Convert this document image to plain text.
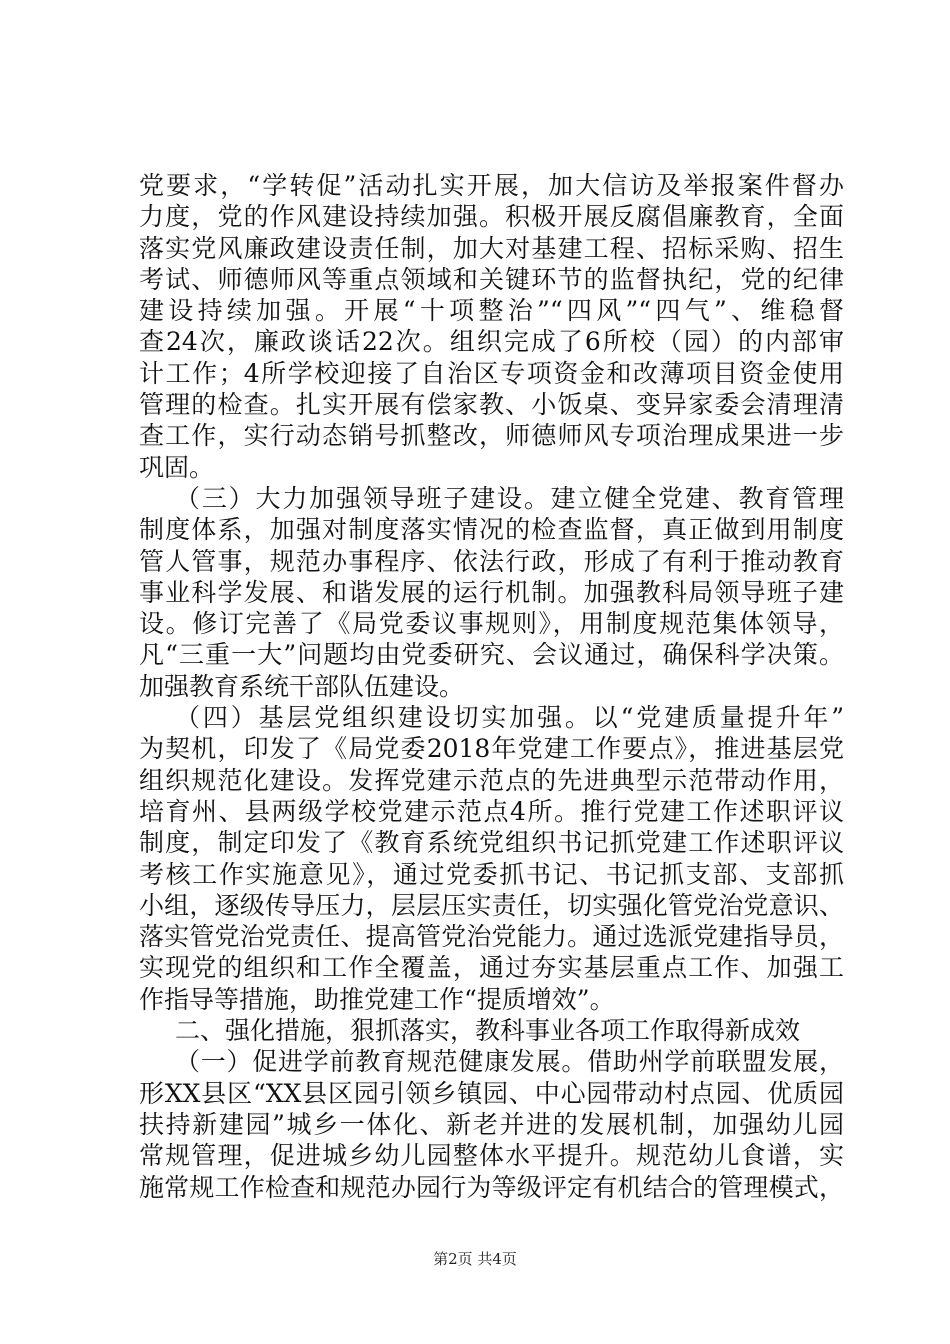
党要求，“学转促”活动扎实开展，加大信访及举报案件督办
力度，党的作风建设持续加强。积极开展反腐倡廉教育，全面
落实党风廉政建设责任制，加大对基建工程、招标采购、招生
考试、师德师风等重点领域和关键环节的监督执纪，党的纪律
建设持续加强。开展“十项整治”“四风”“四气”、维稳督
查24次，廉政谈话22次。组织完成了6所校（园）的内部审
计工作；4所学校迎接了自治区专项资金和改薄项目资金使用
管理的检查。扎实开展有偿家教、小饭桌、变异家委会清理清
查工作，实行动态销号抓整改，师德师风专项治理成果进一步
巩固。
（三）大力加强领导班子建设。建立健全党建、教育管理
制度体系，加强对制度落实情况的检查监督，真正做到用制度
管人管事，规范办事程序、依法行政，形成了有利于推动教育
事业科学发展、和谐发展的运行机制。加强教科局领导班子建
设。修订完善了《局党委议事规则》，用制度规范集体领导，
凡“三重一大”问题均由党委研究、会议通过，确保科学决策。
加强教育系统干部队伍建设。
（四）基层党组织建设切实加强。以“党建质量提升年”
为契机，印发了《局党委2018年党建工作要点》，推进基层党
组织规范化建设。发挥党建示范点的先进典型示范带动作用，
培育州、县两级学校党建示范点4所。推行党建工作述职评议
制度，制定印发了《教育系统党组织书记抓党建工作述职评议
考核工作实施意见》，通过党委抓书记、书记抓支部、支部抓
小组，逐级传导压力，层层压实责任，切实强化管党治党意识、
落实管党治党责任、提高管党治党能力。通过选派党建指导员，
实现党的组织和工作全覆盖，通过夯实基层重点工作、加强工
作指导等措施，助推党建工作“提质增效”。
二、强化措施，狠抓落实，教科事业各项工作取得新成效
（一）促进学前教育规范健康发展。借助州学前联盟发展，
形XX县区“XX县区园引领乡镇园、中心园带动村点园、优质园
扶持新建园”城乡一体化、新老并进的发展机制，加强幼儿园
常规管理，促进城乡幼儿园整体水平提升。规范幼儿食谱，实
施常规工作检查和规范办园行为等级评定有机结合的管理模式，
第2页 共4页
